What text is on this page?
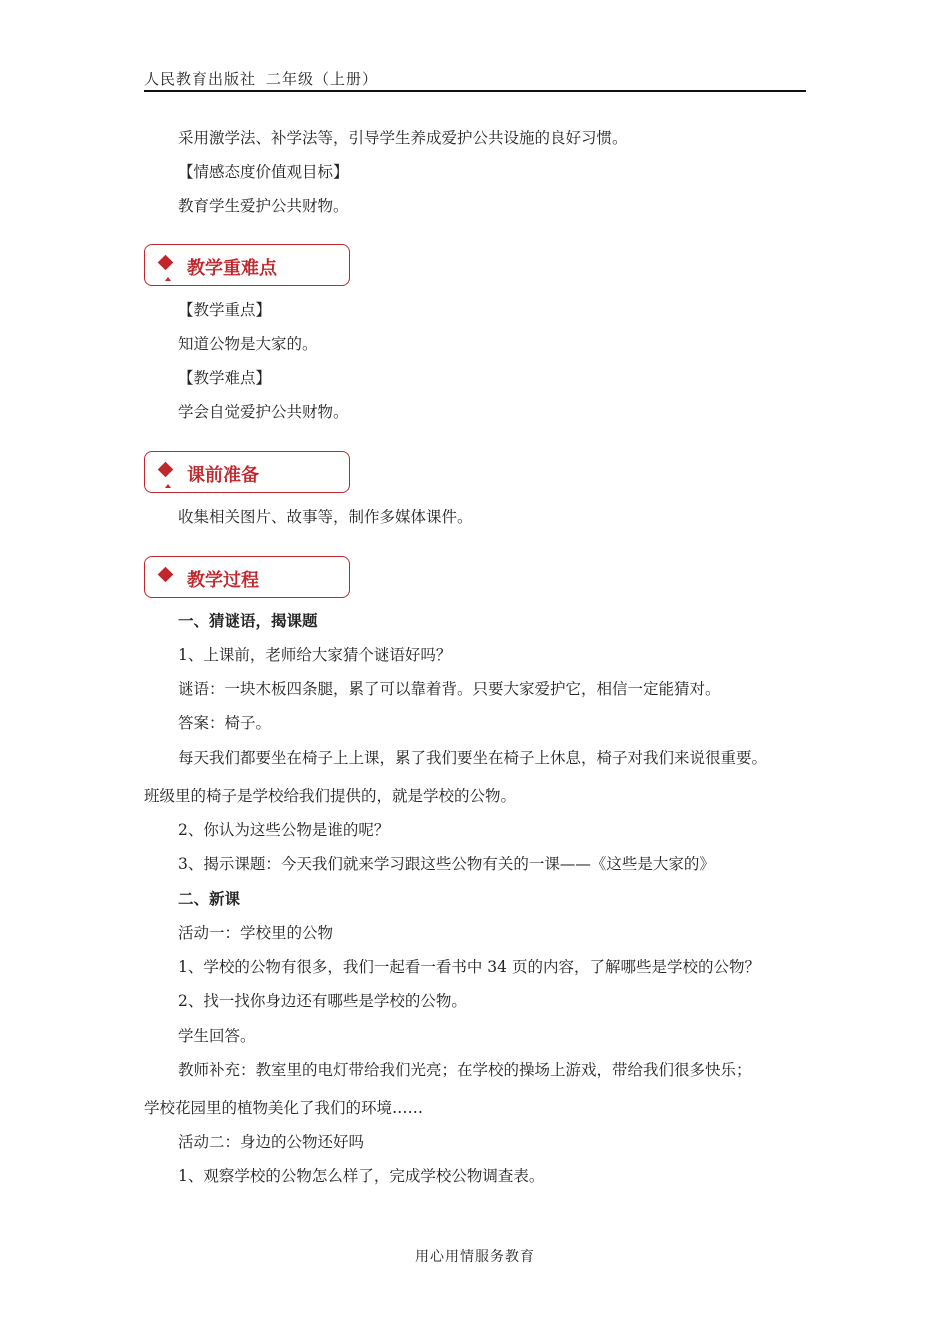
人民教育出版社 二年级（上册）
采用激学法、补学法等，引导学生养成爱护公共设施的良好习惯。
【情感态度价值观目标】
教育学生爱护公共财物。
教学重难点
【教学重点】
知道公物是大家的。
【教学难点】
学会自觉爱护公共财物。
课前准备
收集相关图片、故事等，制作多媒体课件。
教学过程
一、猜谜语，揭课题
1、上课前，老师给大家猜个谜语好吗？
谜语：一块木板四条腿，累了可以靠着背。只要大家爱护它，相信一定能猜对。
答案：椅子。
每天我们都要坐在椅子上上课，累了我们要坐在椅子上休息，椅子对我们来说很重要。
班级里的椅子是学校给我们提供的，就是学校的公物。
2、你认为这些公物是谁的呢？
3、揭示课题：今天我们就来学习跟这些公物有关的一课——《这些是大家的》
二、新课
活动一：学校里的公物
1、学校的公物有很多，我们一起看一看书中 34 页的内容，了解哪些是学校的公物？
2、找一找你身边还有哪些是学校的公物。
学生回答。
教师补充：教室里的电灯带给我们光亮；在学校的操场上游戏，带给我们很多快乐；
学校花园里的植物美化了我们的环境……
活动二：身边的公物还好吗
1、观察学校的公物怎么样了，完成学校公物调查表。
用心用情服务教育
